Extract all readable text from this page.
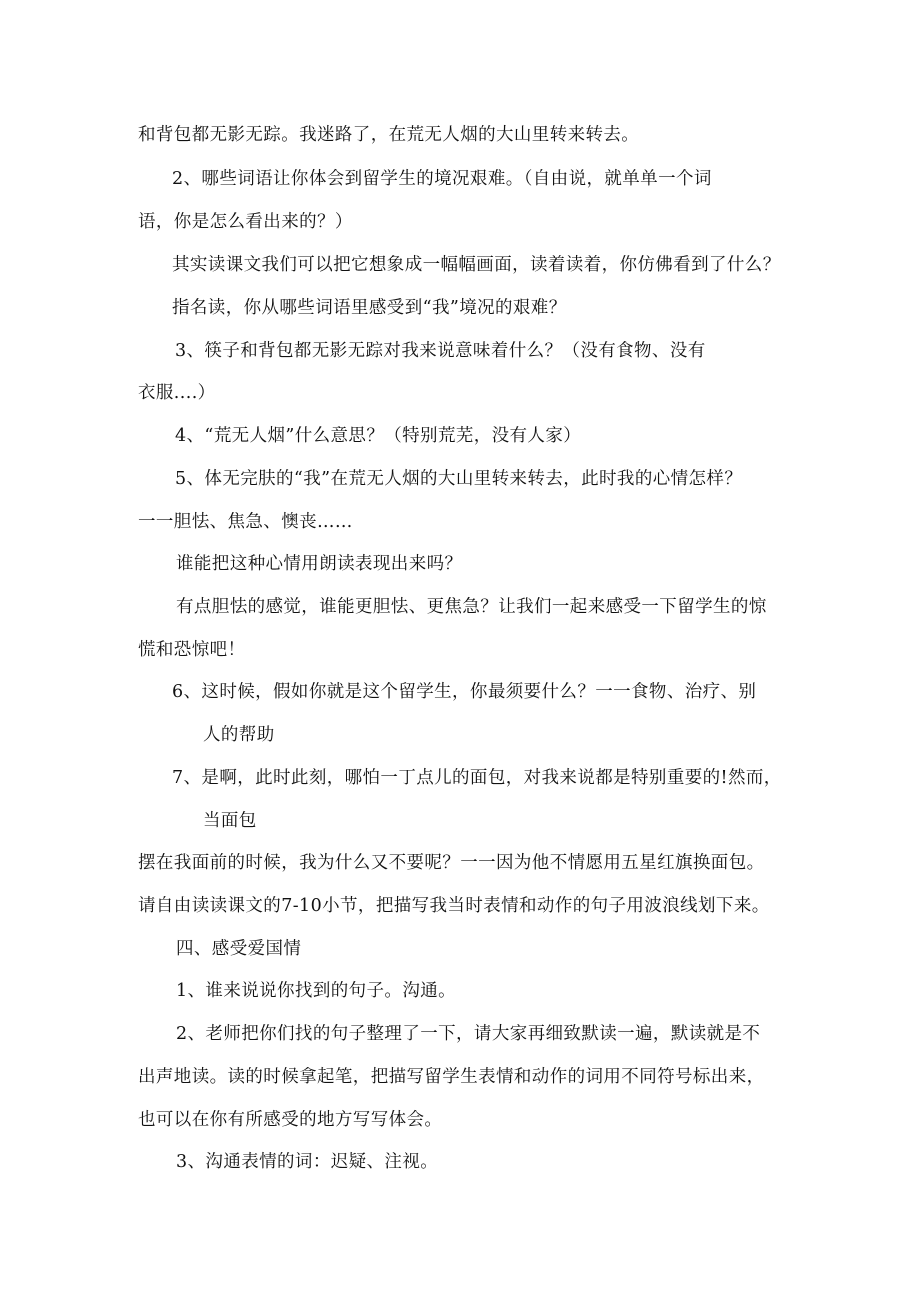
和背包都无影无踪。我迷路了，在荒无人烟的大山里转来转去。
2、哪些词语让你体会到留学生的境况艰难。（自由说，就单单一个词
语，你是怎么看出来的？）
其实读课文我们可以把它想象成一幅幅画面，读着读着，你仿佛看到了什么？
指名读，你从哪些词语里感受到“我”境况的艰难？
3、筷子和背包都无影无踪对我来说意味着什么？（没有食物、没有
衣服....）
4、“荒无人烟”什么意思？（特别荒芜，没有人家）
5、体无完肤的“我”在荒无人烟的大山里转来转去，此时我的心情怎样？
一一胆怯、焦急、懊丧……
谁能把这种心情用朗读表现出来吗？
有点胆怯的感觉，谁能更胆怯、更焦急？让我们一起来感受一下留学生的惊
慌和恐惊吧！
6、这时候，假如你就是这个留学生，你最须要什么？一一食物、治疗、别
人的帮助
7、是啊，此时此刻，哪怕一丁点儿的面包，对我来说都是特别重要的!然而，
当面包
摆在我面前的时候，我为什么又不要呢？一一因为他不情愿用五星红旗换面包。
请自由读读课文的7-10小节，把描写我当时表情和动作的句子用波浪线划下来。
四、感受爱国情
1、谁来说说你找到的句子。沟通。
2、老师把你们找的句子整理了一下，请大家再细致默读一遍，默读就是不
出声地读。读的时候拿起笔，把描写留学生表情和动作的词用不同符号标出来，
也可以在你有所感受的地方写写体会。
3、沟通表情的词：迟疑、注视。
